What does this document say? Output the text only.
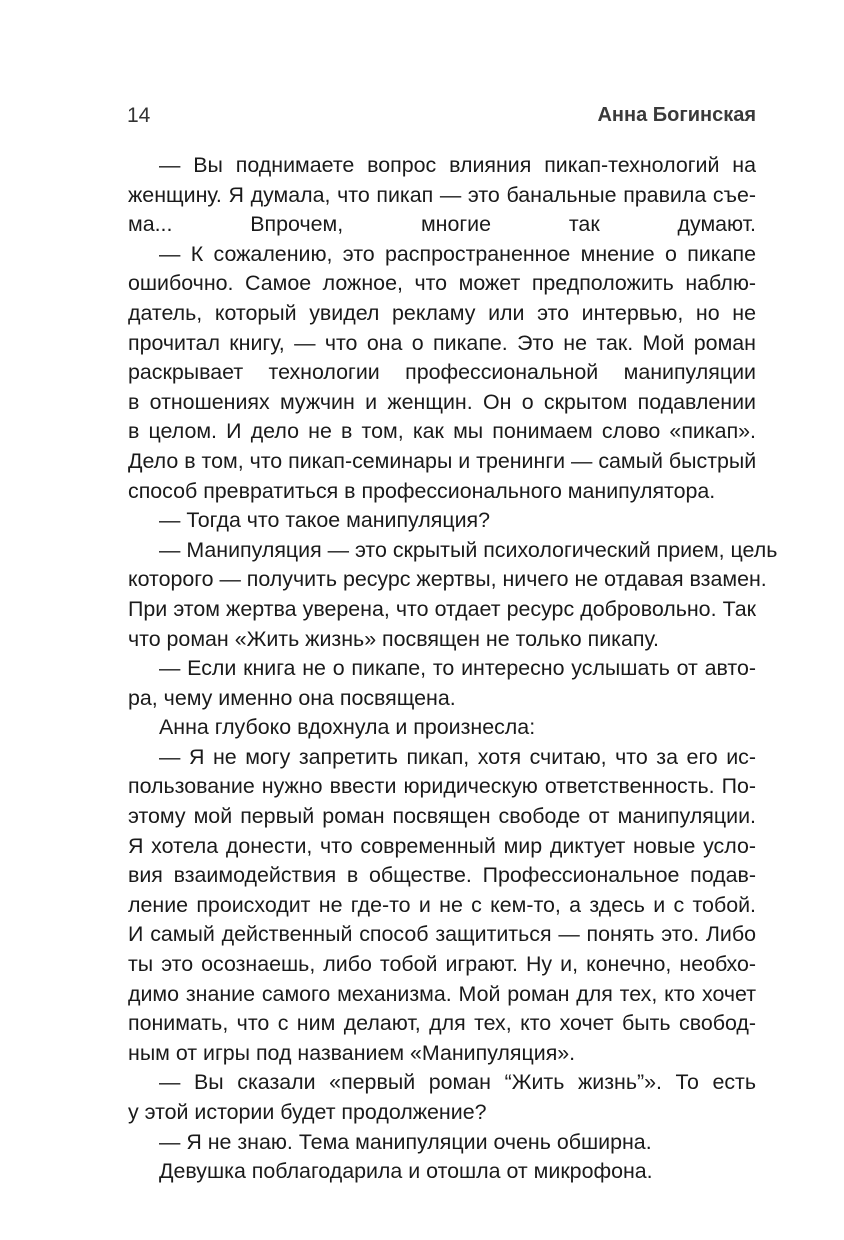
14	Анна Богинская
— Вы поднимаете вопрос влияния пикап-технологий на
женщину. Я думала, что пикап — это банальные правила съе-
ма... Впрочем, многие так думают.
— К сожалению, это распространенное мнение о пикапе
ошибочно. Самое ложное, что может предположить наблю-
датель, который увидел рекламу или это интервью, но не
прочитал книгу, — что она о пикапе. Это не так. Мой роман
раскрывает технологии профессиональной манипуляции
в отношениях мужчин и женщин. Он о скрытом подавлении
в целом. И дело не в том, как мы понимаем слово «пикап».
Дело в том, что пикап-семинары и тренинги — самый быстрый
способ превратиться в профессионального манипулятора.
— Тогда что такое манипуляция?
— Манипуляция — это скрытый психологический прием, цель
которого — получить ресурс жертвы, ничего не отдавая взамен.
При этом жертва уверена, что отдает ресурс добровольно. Так
что роман «Жить жизнь» посвящен не только пикапу.
— Если книга не о пикапе, то интересно услышать от авто-
ра, чему именно она посвящена.
Анна глубоко вдохнула и произнесла:
— Я не могу запретить пикап, хотя считаю, что за его ис-
пользование нужно ввести юридическую ответственность. По-
этому мой первый роман посвящен свободе от манипуляции.
Я хотела донести, что современный мир диктует новые усло-
вия взаимодействия в обществе. Профессиональное подав-
ление происходит не где-то и не с кем-то, а здесь и с тобой.
И самый действенный способ защититься — понять это. Либо
ты это осознаешь, либо тобой играют. Ну и, конечно, необхо-
димо знание самого механизма. Мой роман для тех, кто хочет
понимать, что с ним делают, для тех, кто хочет быть свобод-
ным от игры под названием «Манипуляция».
— Вы сказали «первый роман “Жить жизнь”». То есть
у этой истории будет продолжение?
— Я не знаю. Тема манипуляции очень обширна.
Девушка поблагодарила и отошла от микрофона.
